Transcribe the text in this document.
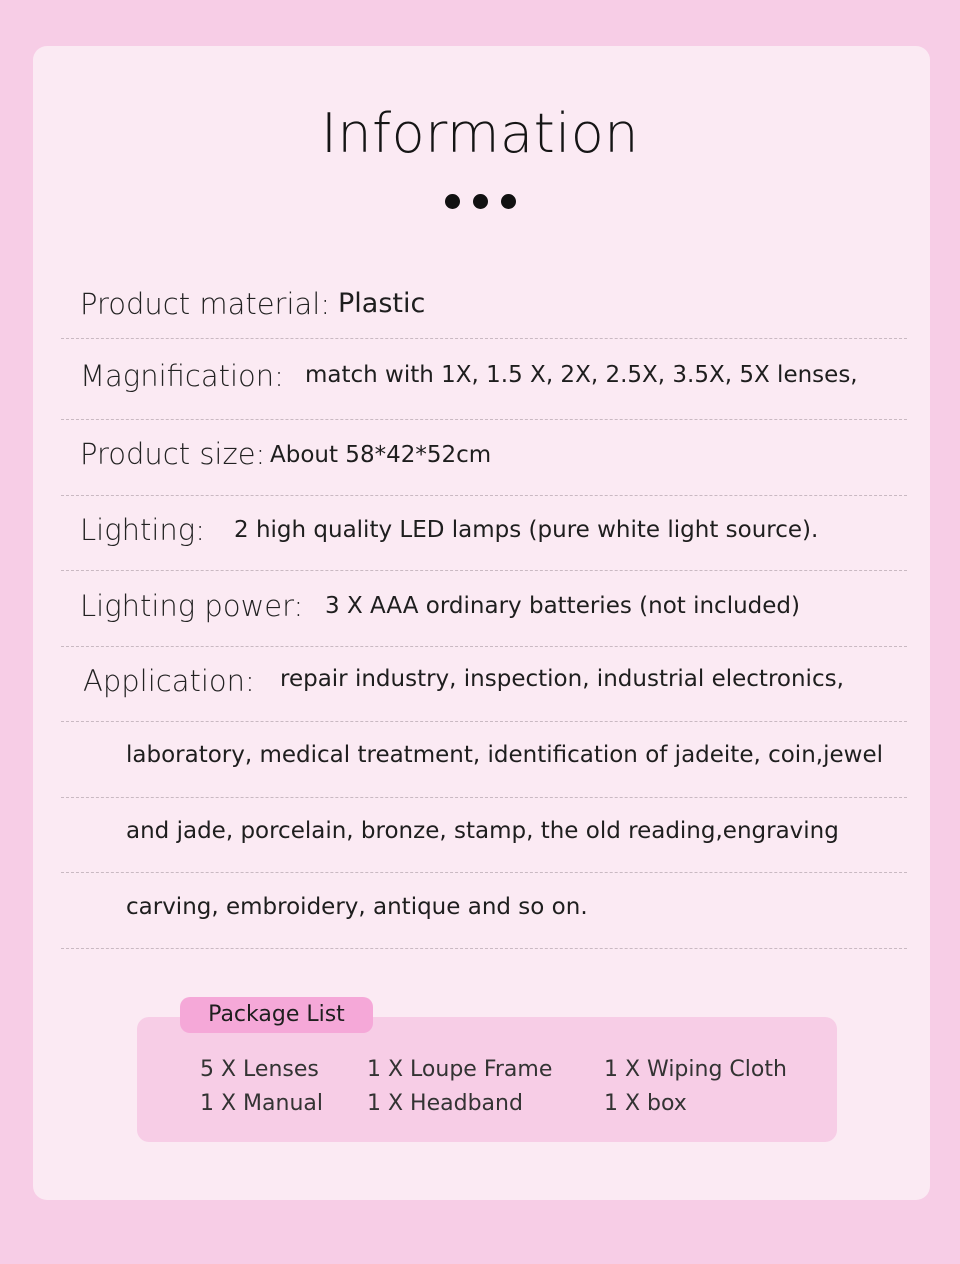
Information
Product material: Plastic
Magnification: match with 1X, 1.5 X, 2X, 2.5X, 3.5X, 5X lenses,
Product size: About 58*42*52cm
Lighting: 2 high quality LED lamps (pure white light source).
Lighting power: 3 X AAA ordinary batteries (not included)
Application: repair industry, inspection, industrial electronics,
laboratory, medical treatment, identification of jadeite, coin,jewel
and jade, porcelain, bronze, stamp, the old reading,engraving
carving, embroidery, antique and so on.
Package List
5 X Lenses 1 X Loupe Frame 1 X Wiping Cloth
1 X Manual 1 X Headband	1 X box
